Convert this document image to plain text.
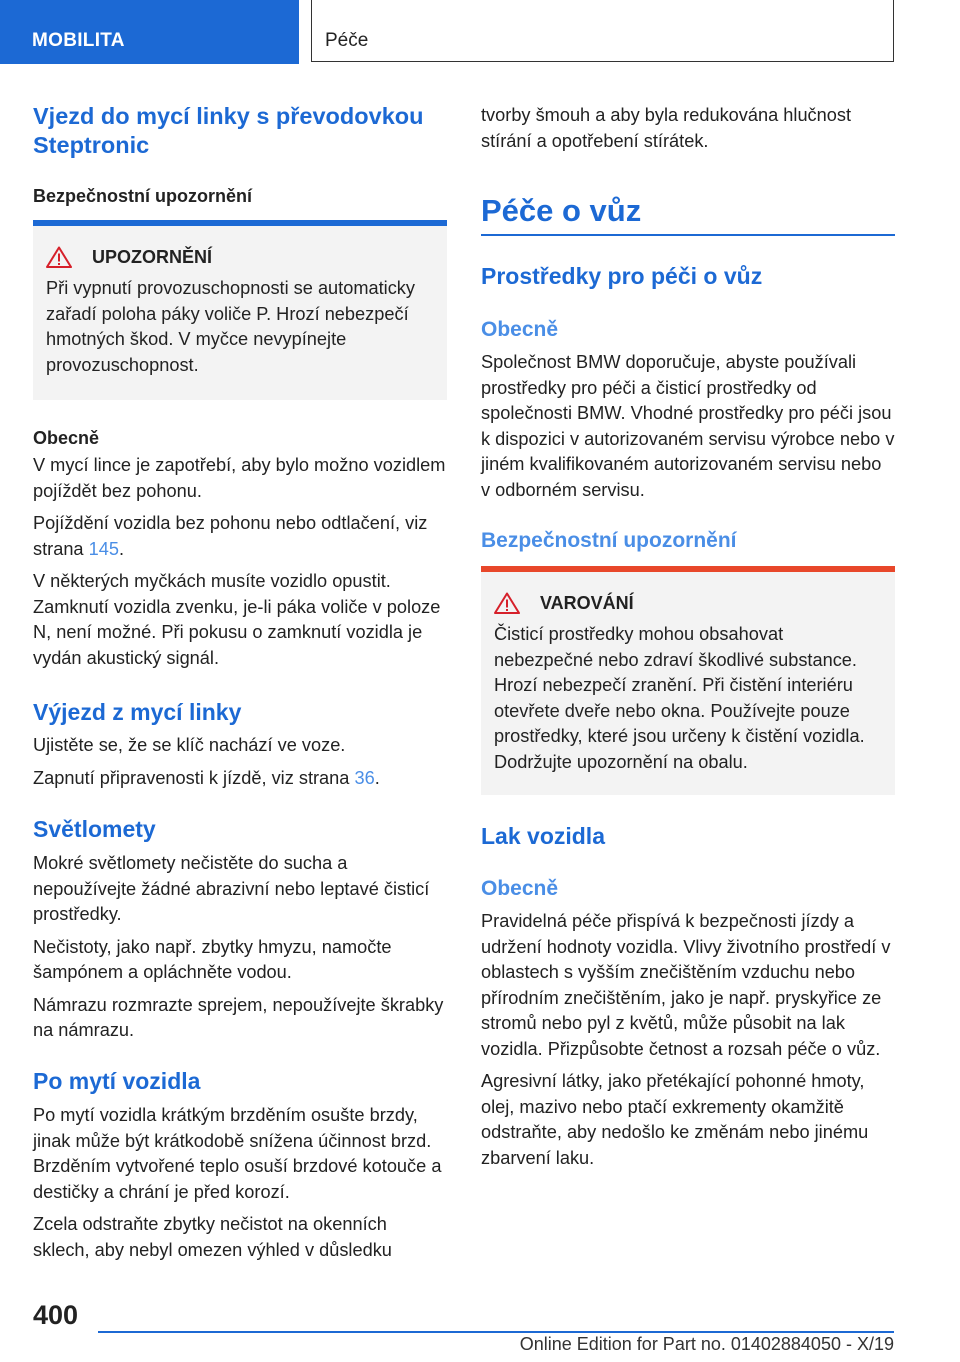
MOBILITA	Péče
Vjezd do mycí linky s převodovkou Steptronic
Bezpečnostní upozornění
UPOZORNĚNÍ

Při vypnutí provozuschopnosti se automaticky zařadí poloha páky voliče P. Hrozí nebezpečí hmotných škod. V myčce nevypínejte provozuschopnost.

Obecně

V mycí lince je zapotřebí, aby bylo možno vozidlem pojíždět bez pohonu.

Pojíždění vozidla bez pohonu nebo odtlačení, viz strana 145.

V některých myčkách musíte vozidlo opustit. Zamknutí vozidla zvenku, je-li páka voliče v poloze N, není možné. Při pokusu o zamknutí vozidla je vydán akustický signál.

Výjezd z mycí linky

Ujistěte se, že se klíč nachází ve voze.

Zapnutí připravenosti k jízdě, viz strana 36.

Světlomety

Mokré světlomety nečistěte do sucha a nepoužívejte žádné abrazivní nebo leptavé čisticí prostředky.

Nečistoty, jako např. zbytky hmyzu, namočte šampónem a opláchněte vodou.

Námrazu rozmrazte sprejem, nepoužívejte škrabky na námrazu.

Po mytí vozidla

Po mytí vozidla krátkým brzděním osušte brzdy, jinak může být krátkodobě snížena účinnost brzd. Brzděním vytvořené teplo osuší brzdové kotouče a destičky a chrání je před korozí.

Zcela odstraňte zbytky nečistot na okenních sklech, aby nebyl omezen výhled v důsledku

tvorby šmouh a aby byla redukována hlučnost stírání a opotřebení stírátek.

Péče o vůz
Prostředky pro péči o vůz
Obecně

Společnost BMW doporučuje, abyste používali prostředky pro péči a čisticí prostředky od společnosti BMW. Vhodné prostředky pro péči jsou k dispozici v autorizovaném servisu výrobce nebo v jiném kvalifikovaném autorizovaném servisu nebo v odborném servisu.

Bezpečnostní upozornění
VAROVÁNÍ

Čisticí prostředky mohou obsahovat nebezpečné nebo zdraví škodlivé substance. Hrozí nebezpečí zranění. Při čistění interiéru otevřete dveře nebo okna. Používejte pouze prostředky, které jsou určeny k čistění vozidla. Dodržujte upozornění na obalu.

Lak vozidla
Obecně

Pravidelná péče přispívá k bezpečnosti jízdy a udržení hodnoty vozidla. Vlivy životního prostředí v oblastech s vyšším znečištěním vzduchu nebo přírodním znečištěním, jako je např. pryskyřice ze stromů nebo pyl z květů, může působit na lak vozidla. Přizpůsobte četnost a rozsah péče o vůz.

Agresivní látky, jako přetékající pohonné hmoty, olej, mazivo nebo ptačí exkrementy okamžitě odstraňte, aby nedošlo ke změnám nebo jinému zbarvení laku.

400
Online Edition for Part no. 01402884050 - X/19
